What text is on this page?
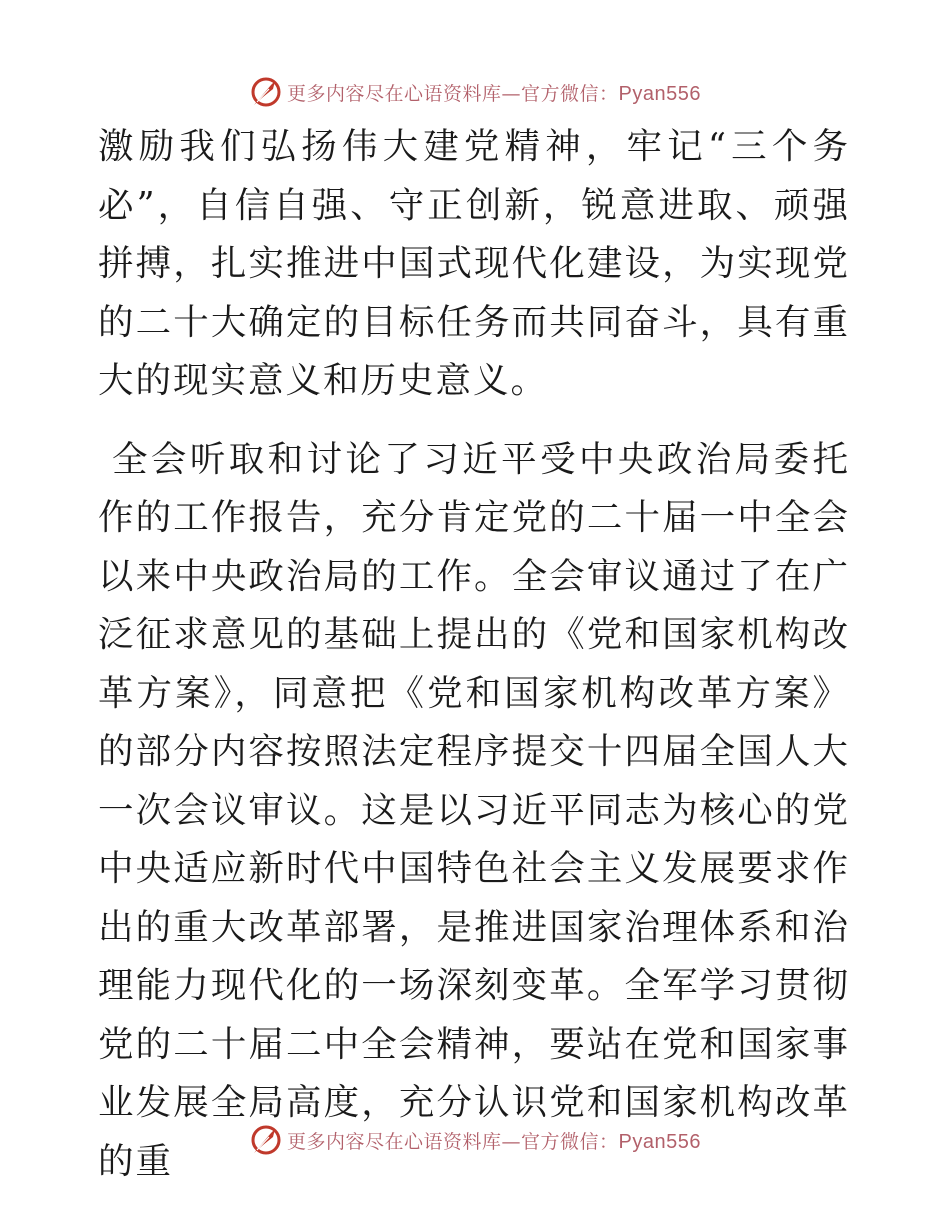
更多内容尽在心语资料库—官方微信：Pyan556

激励我们弘扬伟大建党精神，牢记“三个务必”，自信自强、守正创新，锐意进取、顽强拼搏，扎实推进中国式现代化建设，为实现党的二十大确定的目标任务而共同奋斗，具有重大的现实意义和历史意义。

全会听取和讨论了习近平受中央政治局委托作的工作报告，充分肯定党的二十届一中全会以来中央政治局的工作。全会审议通过了在广泛征求意见的基础上提出的《党和国家机构改革方案》，同意把《党和国家机构改革方案》的部分内容按照法定程序提交十四届全国人大一次会议审议。这是以习近平同志为核心的党中央适应新时代中国特色社会主义发展要求作出的重大改革部署，是推进国家治理体系和治理能力现代化的一场深刻变革。全军学习贯彻党的二十届二中全会精神，要站在党和国家事业发展全局高度，充分认识党和国家机构改革的重	更多内容尽在心语资料库—官方微信：Pyan556
